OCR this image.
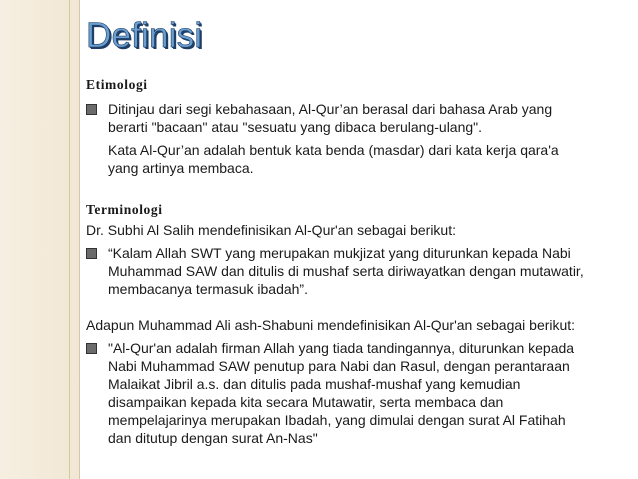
Definisi

Etimologi

Ditinjau dari segi kebahasaan, Al-Qur’an berasal dari bahasa Arab yang
berarti "bacaan" atau "sesuatu yang dibaca berulang-ulang".
Kata Al-Qur’an adalah bentuk kata benda (masdar) dari kata kerja qara'a
yang artinya membaca.

Terminologi

Dr. Subhi Al Salih mendefinisikan Al-Qur'an sebagai berikut:

“Kalam Allah SWT yang merupakan mukjizat yang diturunkan kepada Nabi
Muhammad SAW dan ditulis di mushaf serta diriwayatkan dengan mutawatir,
membacanya termasuk ibadah”.

Adapun Muhammad Ali ash-Shabuni mendefinisikan Al-Qur'an sebagai berikut:

"Al-Qur'an adalah firman Allah yang tiada tandingannya, diturunkan kepada
Nabi Muhammad SAW penutup para Nabi dan Rasul, dengan perantaraan
Malaikat Jibril a.s. dan ditulis pada mushaf-mushaf yang kemudian
disampaikan kepada kita secara Mutawatir, serta membaca dan
mempelajarinya merupakan Ibadah, yang dimulai dengan surat Al Fatihah
dan ditutup dengan surat An-Nas"
